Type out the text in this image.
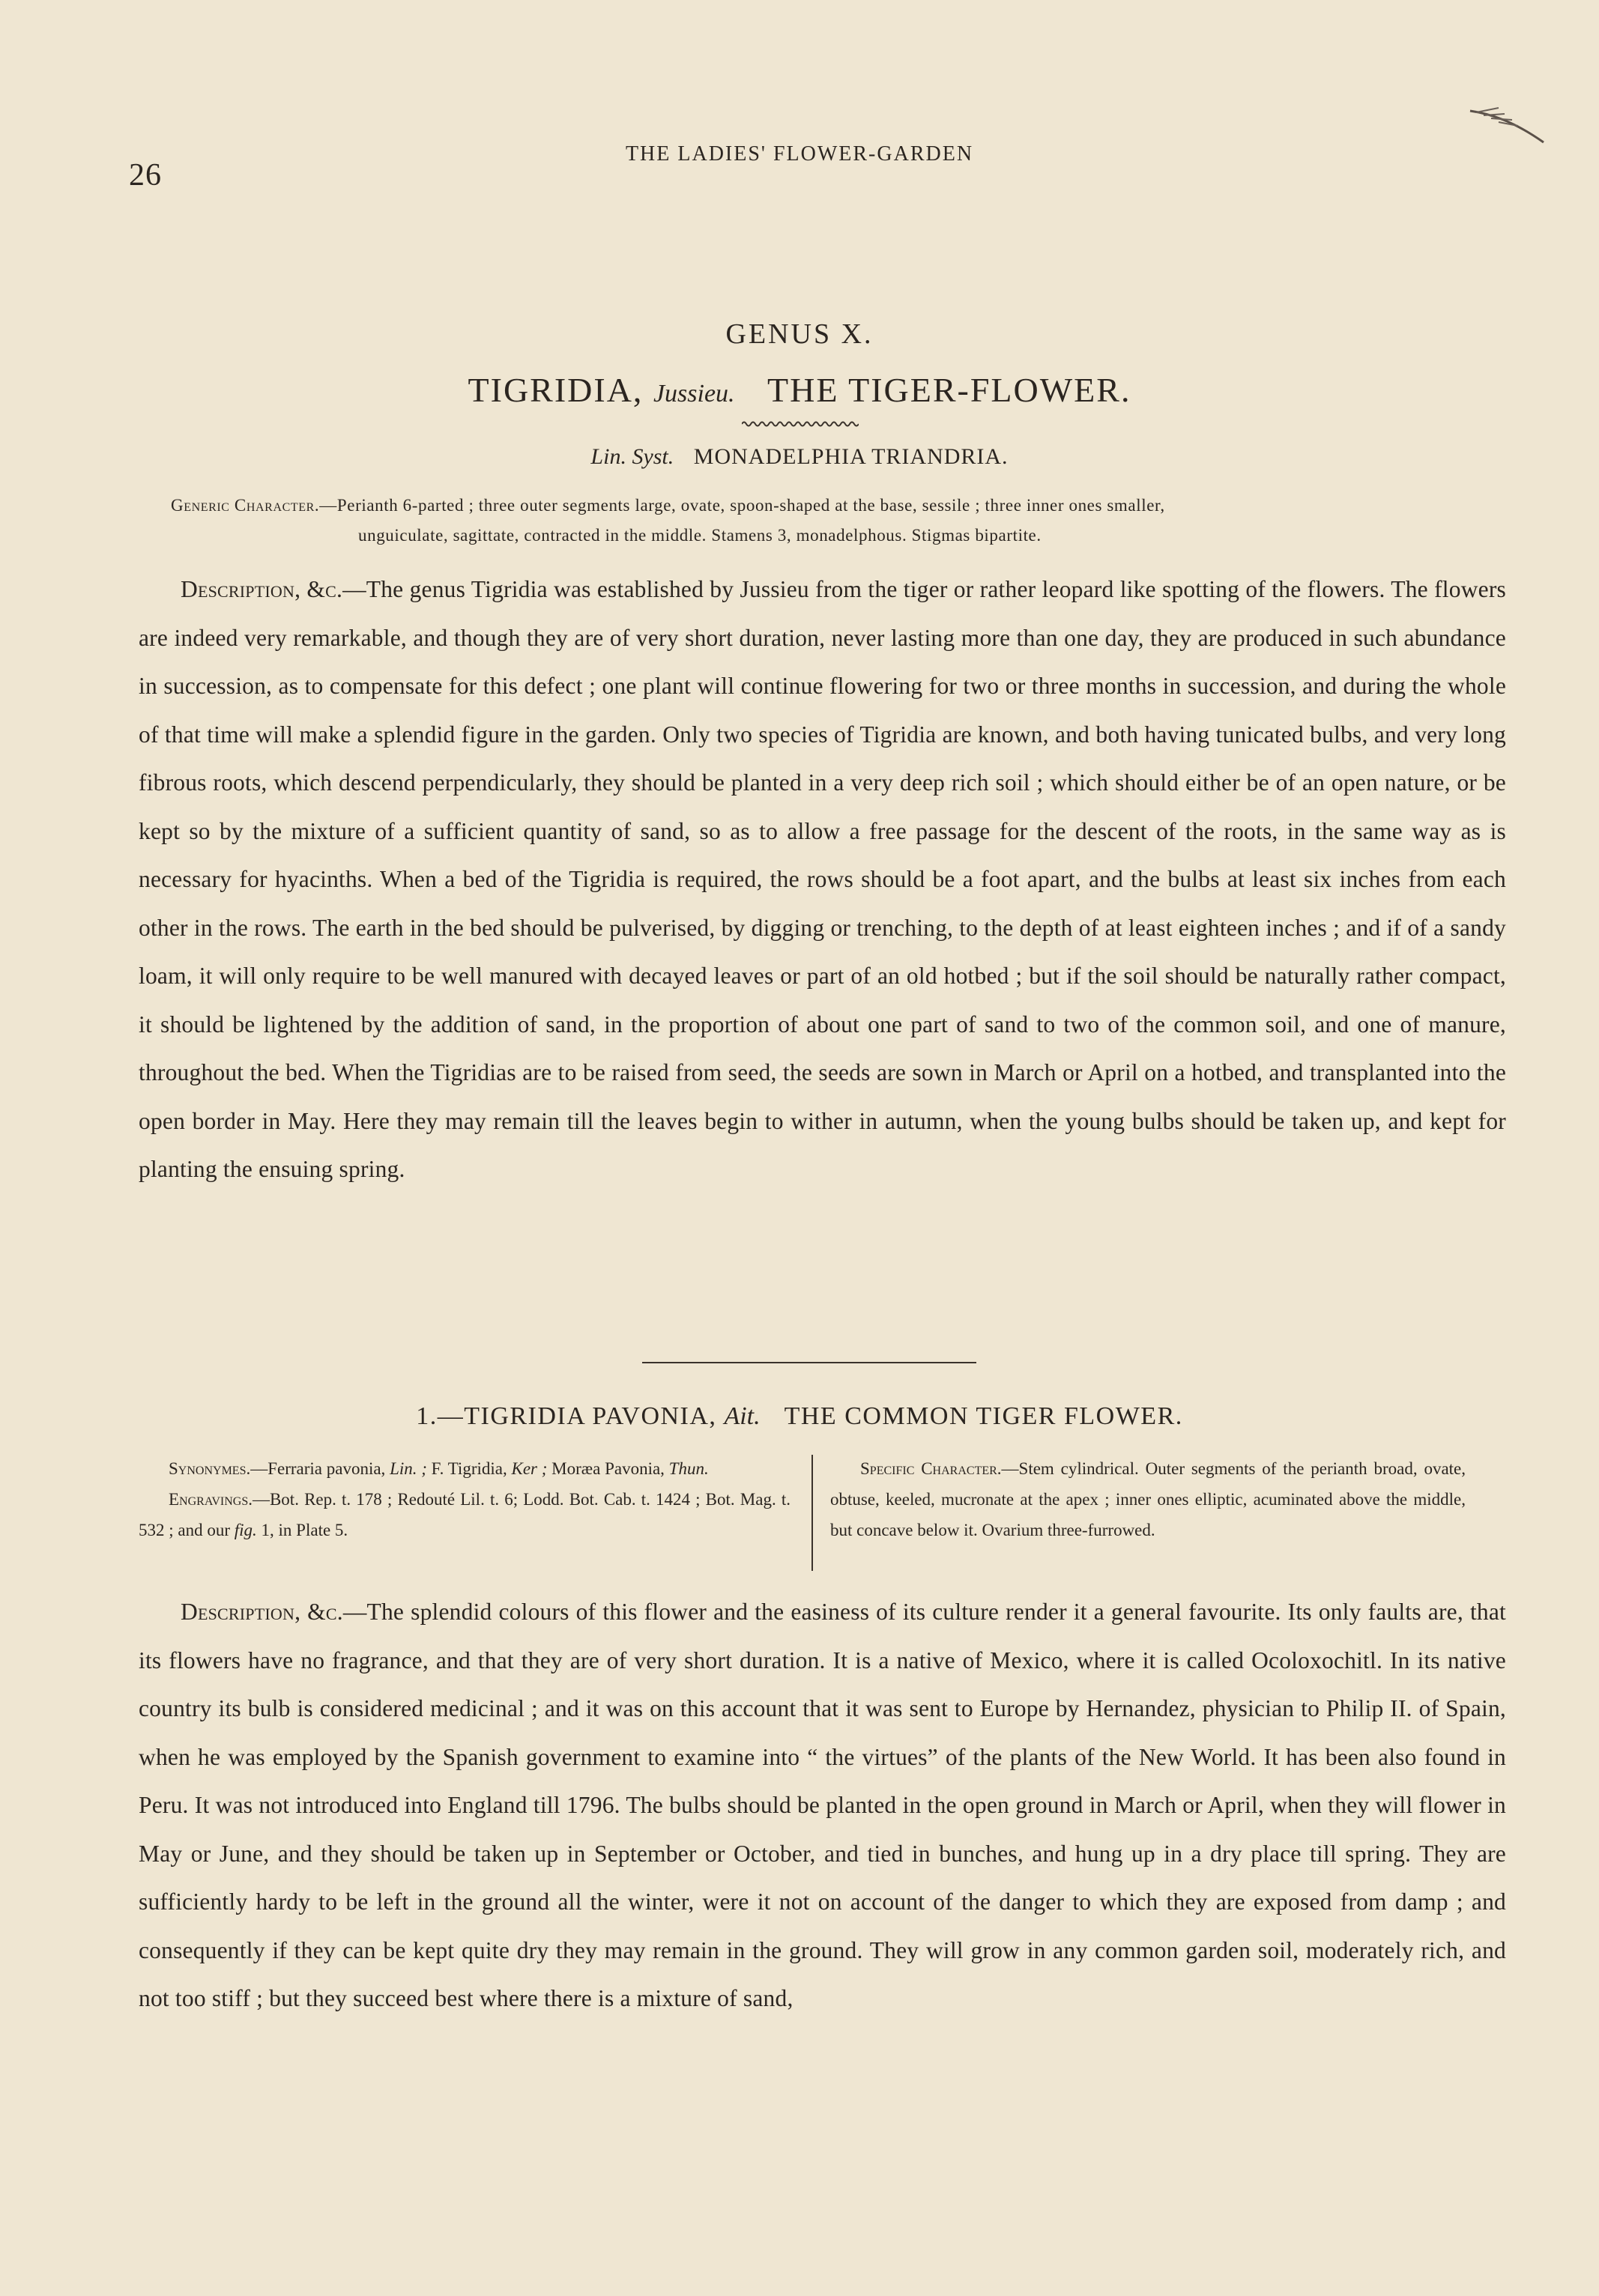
26
THE LADIES' FLOWER-GARDEN
GENUS X.
TIGRIDIA, Jussieu. THE TIGER-FLOWER.
Lin. Syst. MONADELPHIA TRIANDRIA.
Generic Character.—Perianth 6-parted ; three outer segments large, ovate, spoon-shaped at the base, sessile ; three inner ones smaller,
unguiculate, sagittate, contracted in the middle. Stamens 3, monadelphous. Stigmas bipartite.

Description, &c.—The genus Tigridia was established by Jussieu from the tiger or rather leopard like spotting of the flowers. The flowers are indeed very remarkable, and though they are of very short duration, never lasting more than one day, they are produced in such abundance in succession, as to compensate for this defect ; one plant will continue flowering for two or three months in succession, and during the whole of that time will make a splendid figure in the garden. Only two species of Tigridia are known, and both having tunicated bulbs, and very long fibrous roots, which descend perpendicularly, they should be planted in a very deep rich soil ; which should either be of an open nature, or be kept so by the mixture of a sufficient quantity of sand, so as to allow a free passage for the descent of the roots, in the same way as is necessary for hyacinths. When a bed of the Tigridia is required, the rows should be a foot apart, and the bulbs at least six inches from each other in the rows. The earth in the bed should be pulverised, by digging or trenching, to the depth of at least eighteen inches ; and if of a sandy loam, it will only require to be well manured with decayed leaves or part of an old hotbed ; but if the soil should be naturally rather compact, it should be lightened by the addition of sand, in the proportion of about one part of sand to two of the common soil, and one of manure, throughout the bed. When the Tigridias are to be raised from seed, the seeds are sown in March or April on a hotbed, and transplanted into the open border in May. Here they may remain till the leaves begin to wither in autumn, when the young bulbs should be taken up, and kept for planting the ensuing spring.

1.—TIGRIDIA PAVONIA, Ait. THE COMMON TIGER FLOWER.

Synonymes.—Ferraria pavonia, Lin. ; F. Tigridia, Ker ; Moræa Pavonia, Thun.

Engravings.—Bot. Rep. t. 178 ; Redouté Lil. t. 6; Lodd. Bot. Cab. t. 1424 ; Bot. Mag. t. 532 ; and our fig. 1, in Plate 5.

Specific Character.—Stem cylindrical. Outer segments of the perianth broad, ovate, obtuse, keeled, mucronate at the apex ; inner ones elliptic, acuminated above the middle, but concave below it. Ovarium three-furrowed.

Description, &c.—The splendid colours of this flower and the easiness of its culture render it a general favourite. Its only faults are, that its flowers have no fragrance, and that they are of very short duration. It is a native of Mexico, where it is called Ocoloxochitl. In its native country its bulb is considered medicinal ; and it was on this account that it was sent to Europe by Hernandez, physician to Philip II. of Spain, when he was employed by the Spanish government to examine into “ the virtues” of the plants of the New World. It has been also found in Peru. It was not introduced into England till 1796. The bulbs should be planted in the open ground in March or April, when they will flower in May or June, and they should be taken up in September or October, and tied in bunches, and hung up in a dry place till spring. They are sufficiently hardy to be left in the ground all the winter, were it not on account of the danger to which they are exposed from damp ; and consequently if they can be kept quite dry they may remain in the ground. They will grow in any common garden soil, moderately rich, and not too stiff ; but they succeed best where there is a mixture of sand,
